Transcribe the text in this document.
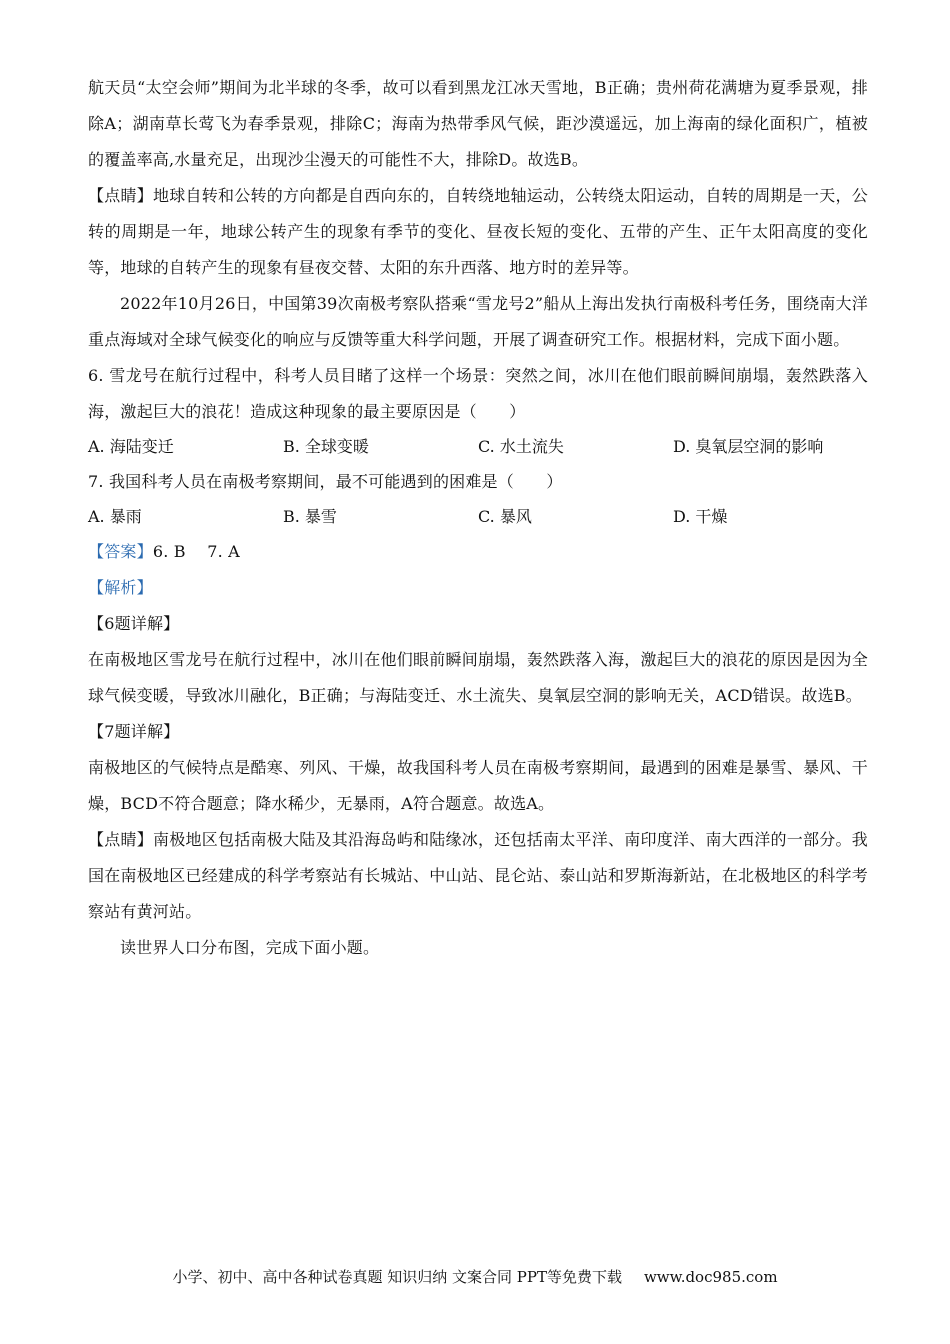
航天员“太空会师”期间为北半球的冬季，故可以看到黑龙江冰天雪地，B正确；贵州荷花满塘为夏季景观，排除A；湖南草长莺飞为春季景观，排除C；海南为热带季风气候，距沙漠遥远，加上海南的绿化面积广，植被的覆盖率高,水量充足，出现沙尘漫天的可能性不大，排除D。故选B。

【点睛】地球自转和公转的方向都是自西向东的，自转绕地轴运动，公转绕太阳运动，自转的周期是一天，公转的周期是一年，地球公转产生的现象有季节的变化、昼夜长短的变化、五带的产生、正午太阳高度的变化等，地球的自转产生的现象有昼夜交替、太阳的东升西落、地方时的差异等。

2022年10月26日，中国第39次南极考察队搭乘“雪龙号2”船从上海出发执行南极科考任务，围绕南大洋重点海域对全球气候变化的响应与反馈等重大科学问题，开展了调查研究工作。根据材料，完成下面小题。

6. 雪龙号在航行过程中，科考人员目睹了这样一个场景：突然之间，冰川在他们眼前瞬间崩塌，轰然跌落入海，激起巨大的浪花！造成这种现象的最主要原因是（　　）

A. 海陆变迁	B. 全球变暖	C. 水土流失	D. 臭氧层空洞的影响

7. 我国科考人员在南极考察期间，最不可能遇到的困难是（　　）

A. 暴雨	B. 暴雪	C. 暴风	D. 干燥

【答案】6. B　 7. A

【解析】

【6题详解】

在南极地区雪龙号在航行过程中，冰川在他们眼前瞬间崩塌，轰然跌落入海，激起巨大的浪花的原因是因为全球气候变暖，导致冰川融化，B正确；与海陆变迁、水土流失、臭氧层空洞的影响无关，ACD错误。故选B。

【7题详解】

南极地区的气候特点是酷寒、列风、干燥，故我国科考人员在南极考察期间，最遇到的困难是暴雪、暴风、干燥，BCD不符合题意；降水稀少，无暴雨，A符合题意。故选A。

【点睛】南极地区包括南极大陆及其沿海岛屿和陆缘冰，还包括南太平洋、南印度洋、南大西洋的一部分。我国在南极地区已经建成的科学考察站有长城站、中山站、昆仑站、泰山站和罗斯海新站，在北极地区的科学考察站有黄河站。

读世界人口分布图，完成下面小题。

小学、初中、高中各种试卷真题 知识归纳 文案合同 PPT等免费下载 www.doc985.com
